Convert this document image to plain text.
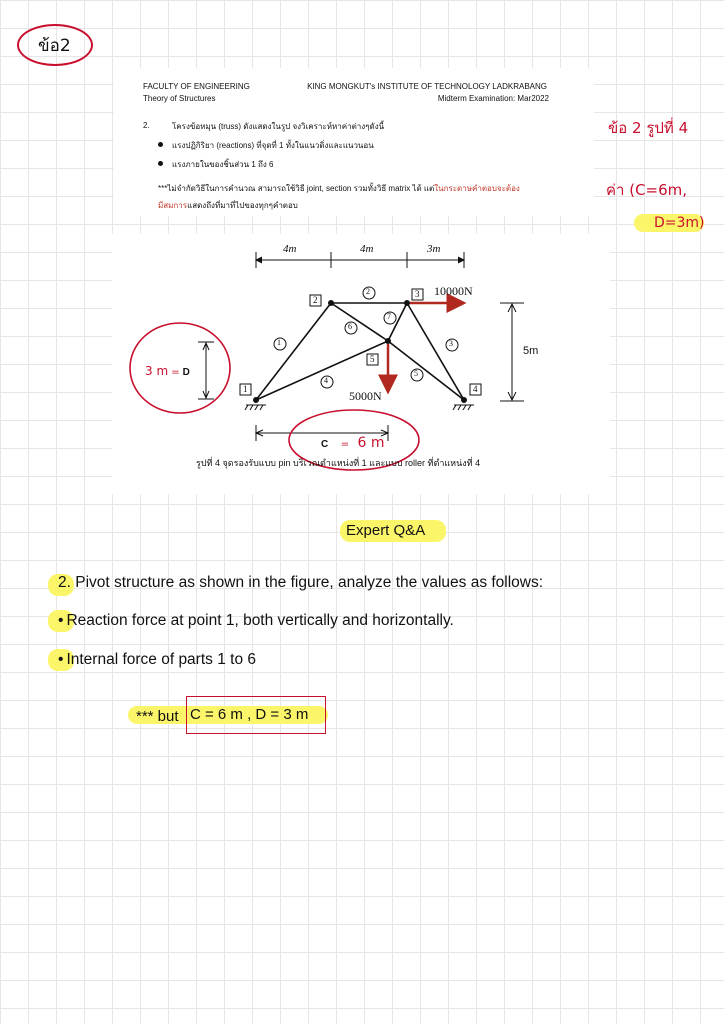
ข้อ2
FACULTY OF ENGINEERING
Theory of Structures
KING MONGKUT's INSTITUTE OF TECHNOLOGY LADKRABANG
Midterm Examination: Mar2022
2.	โครงข้อหมุน (truss) ดังแสดงในรูป จงวิเคราะห์หาค่าต่างๆดังนี้
แรงปฏิกิริยา (reactions) ที่จุดที่ 1 ทั้งในแนวดิ่งและแนวนอน
แรงภายในของชิ้นส่วน 1 ถึง 6
***ไม่จำกัดวิธีในการคำนวณ สามารถใช้วิธี joint, section รวมทั้งวิธี matrix ได้ แต่ในกระดาษคำตอบจะต้อง
มีสมการแสดงถึงที่มาที่ไปของทุกๆคำตอบ
ข้อ 2 รูปที่ 4
ค่า (C=6m,
D=3m)
4m	4m	3m
5m
1
2
3
4
5
1
2
3
4
5
6
7
10000N
5000N
3 m = D
C = 6 m
รูปที่ 4 จุดรองรับแบบ pin บริเวณตำแหน่งที่ 1 และแบบ roller ที่ตำแหน่งที่ 4
Expert Q&A
2. Pivot structure as shown in the figure, analyze the values as follows:
• Reaction force at point 1, both vertically and horizontally.
• Internal force of parts 1 to 6
*** but C = 6 m , D = 3 m
